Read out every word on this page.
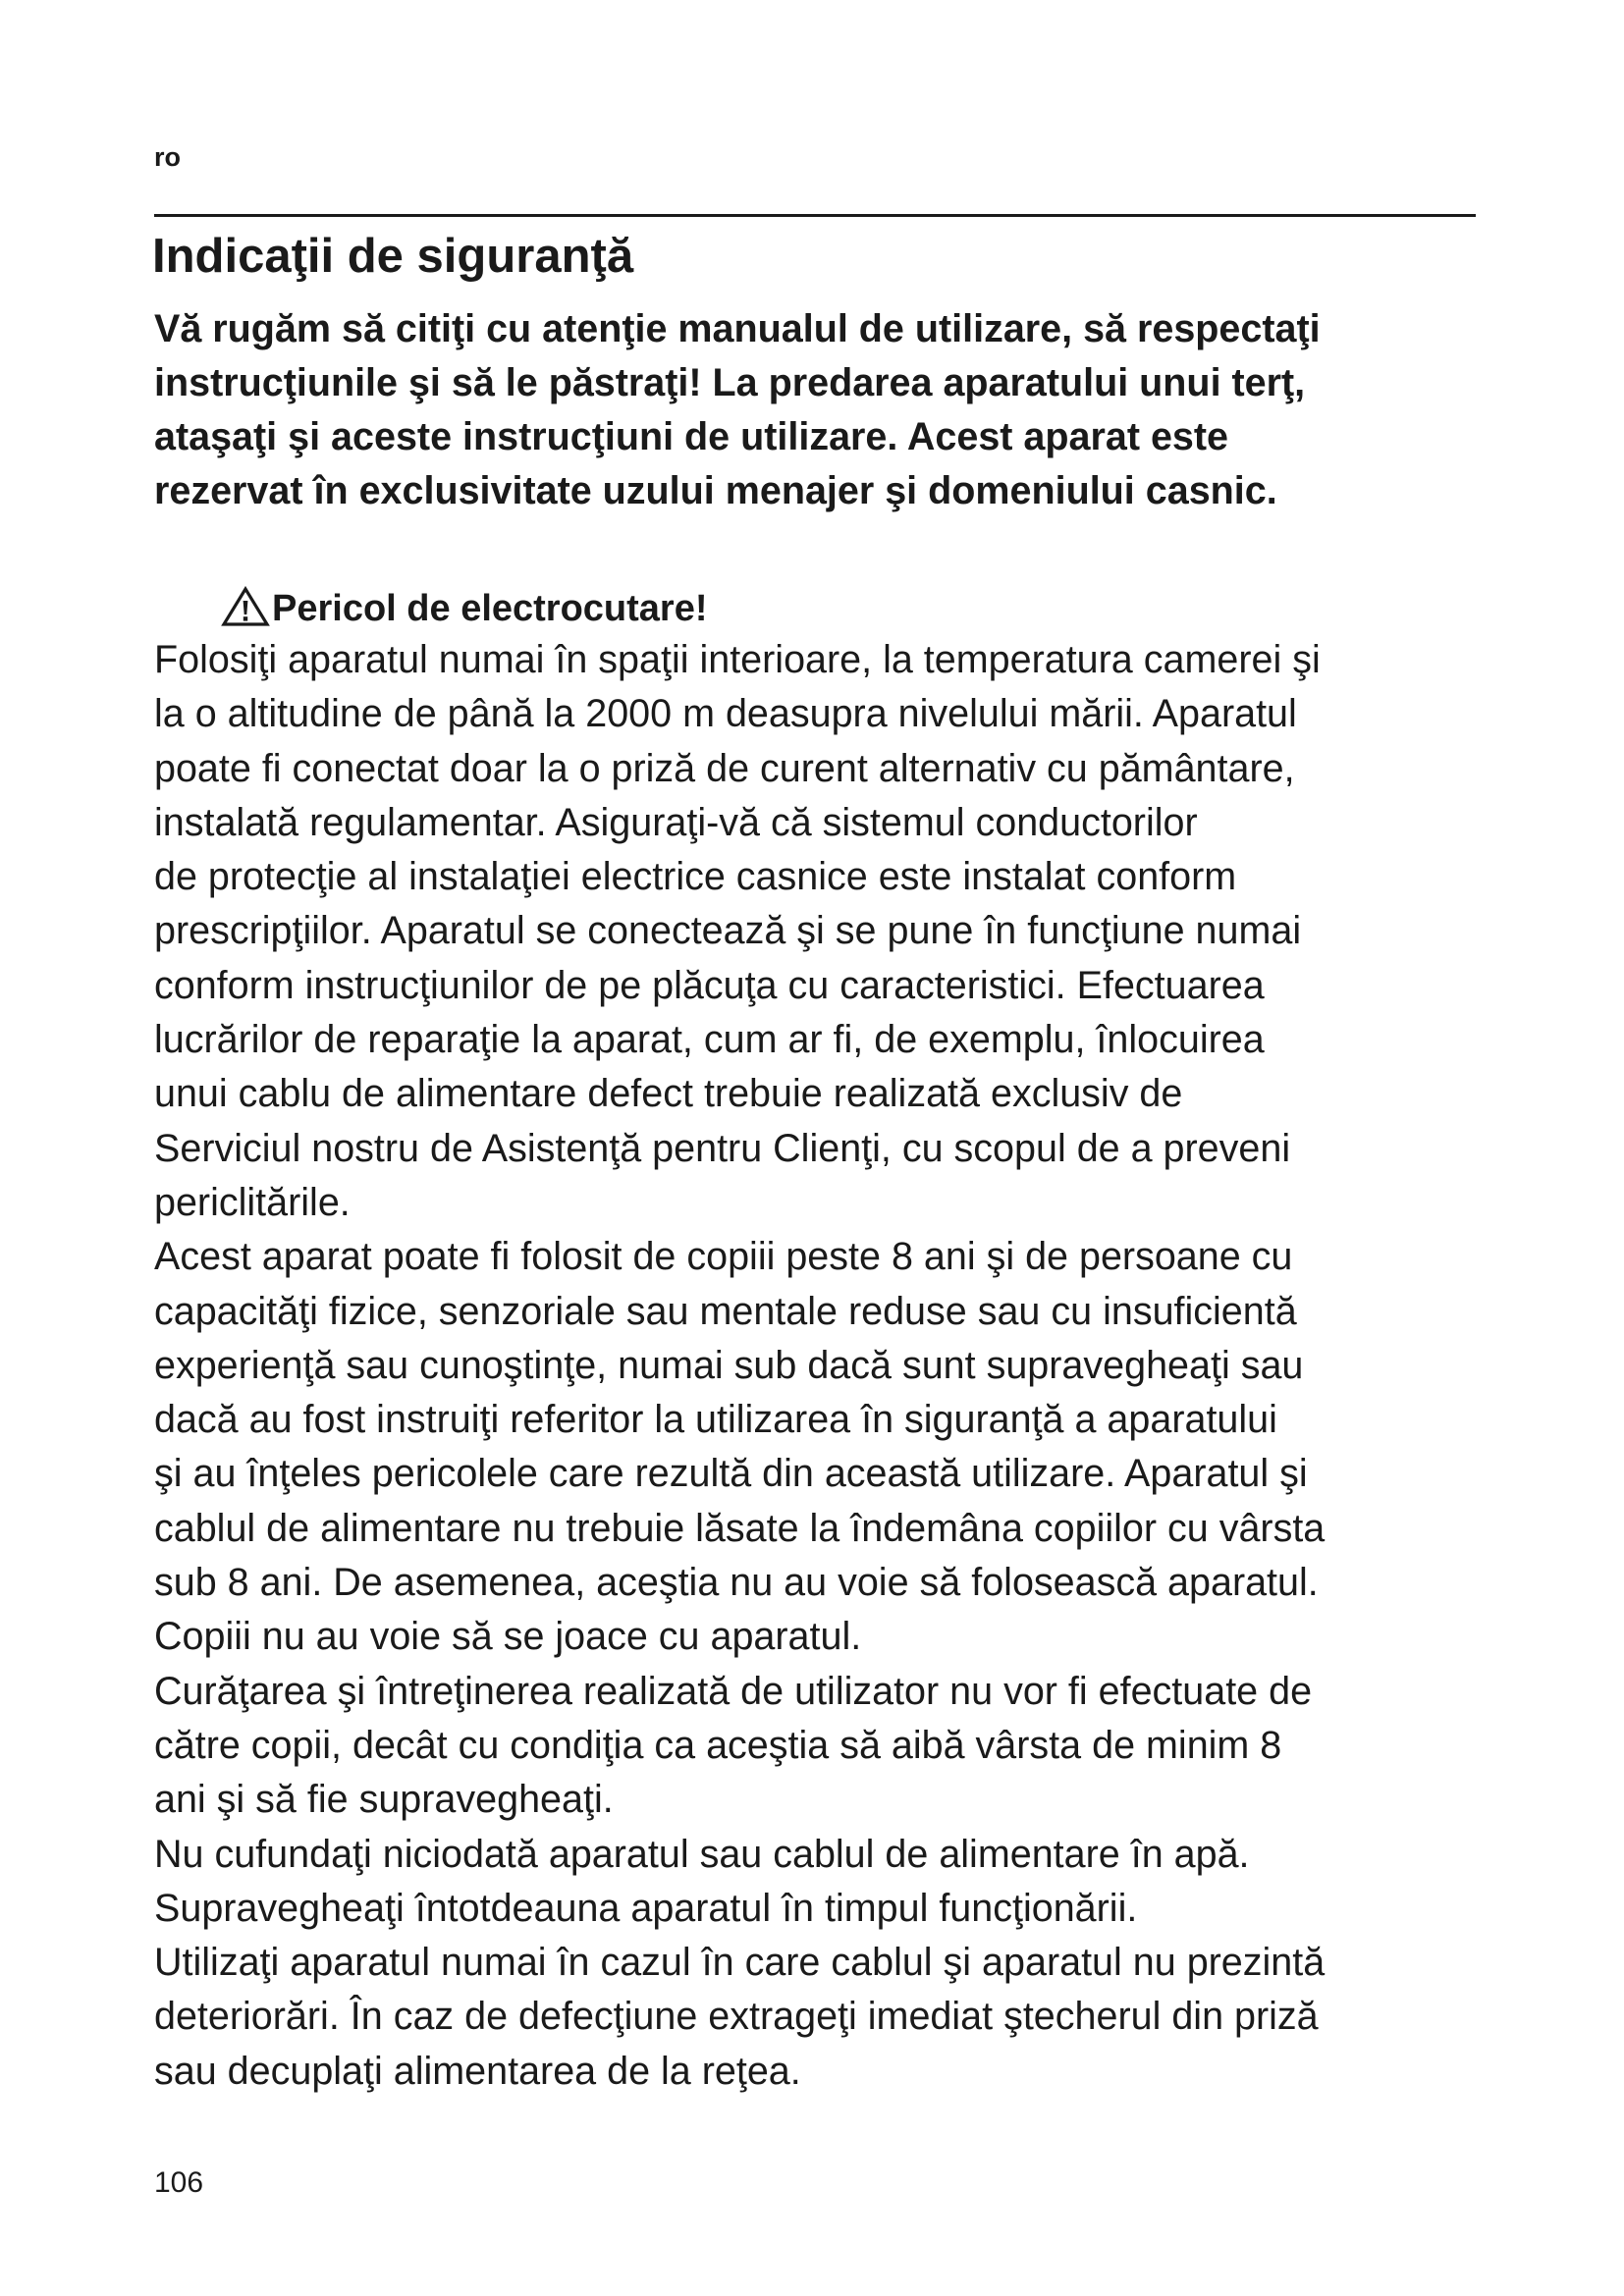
ro
Indicaţii de siguranţă

Vă rugăm să citiţi cu atenţie manualul de utilizare, să respectaţi
instrucţiunile şi să le păstraţi! La predarea aparatului unui terţ,
ataşaţi şi aceste instrucţiuni de utilizare. Acest aparat este
rezervat în exclusivitate uzului menajer şi domeniului casnic.

Pericol de electrocutare!

Folosiţi aparatul numai în spaţii interioare, la temperatura camerei şi
la o altitudine de până la 2000 m deasupra nivelului mării. Aparatul
poate fi conectat doar la o priză de curent alternativ cu pământare,
instalată regulamentar. Asiguraţi-vă că sistemul conductorilor
de protecţie al instalaţiei electrice casnice este instalat conform
prescripţiilor. Aparatul se conectează şi se pune în funcţiune numai
conform instrucţiunilor de pe plăcuţa cu caracteristici. Efectuarea
lucrărilor de reparaţie la aparat, cum ar fi, de exemplu, înlocuirea
unui cablu de alimentare defect trebuie realizată exclusiv de
Serviciul nostru de Asistenţă pentru Clienţi, cu scopul de a preveni
periclitările.
Acest aparat poate fi folosit de copiii peste 8 ani şi de persoane cu
capacităţi fizice, senzoriale sau mentale reduse sau cu insuficientă
experienţă sau cunoştinţe, numai sub dacă sunt supravegheaţi sau
dacă au fost instruiţi referitor la utilizarea în siguranţă a aparatului
şi au înţeles pericolele care rezultă din această utilizare. Aparatul şi
cablul de alimentare nu trebuie lăsate la îndemâna copiilor cu vârsta
sub 8 ani. De asemenea, aceştia nu au voie să folosească aparatul.
Copiii nu au voie să se joace cu aparatul.
Curăţarea şi întreţinerea realizată de utilizator nu vor fi efectuate de
către copii, decât cu condiţia ca aceştia să aibă vârsta de minim 8
ani şi să fie supravegheaţi.
Nu cufundaţi niciodată aparatul sau cablul de alimentare în apă.
Supravegheaţi întotdeauna aparatul în timpul funcţionării.
Utilizaţi aparatul numai în cazul în care cablul şi aparatul nu prezintă
deteriorări. În caz de defecţiune extrageţi imediat ştecherul din priză
sau decuplaţi alimentarea de la reţea.

106
